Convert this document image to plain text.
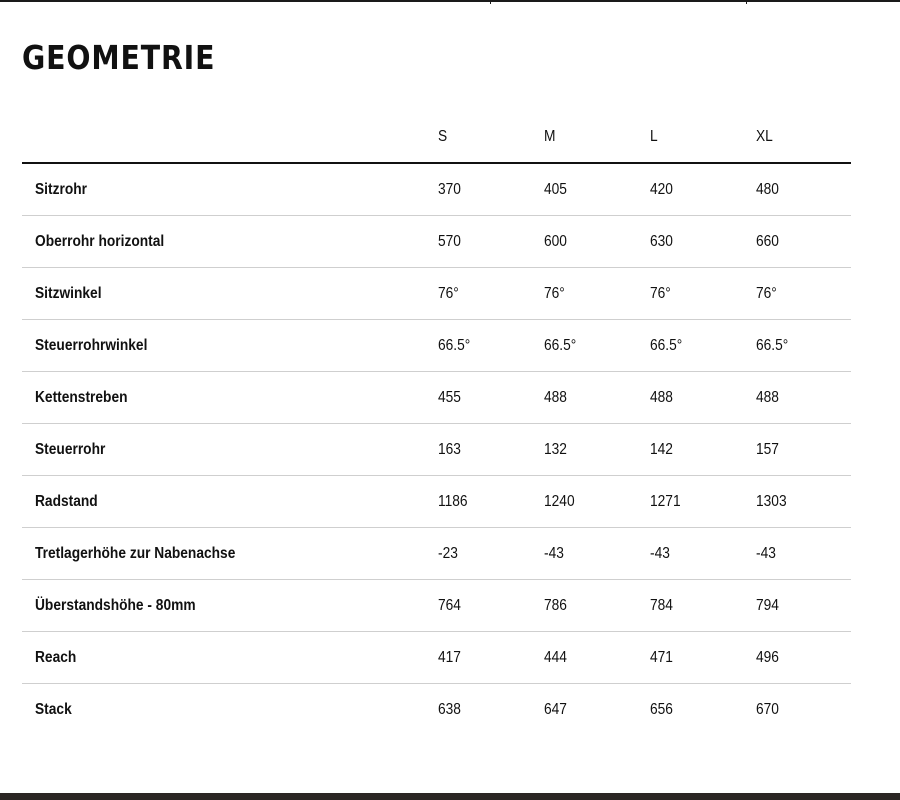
GEOMETRIE
	S	M	L	XL
Sitzrohr	370	405	420	480
Oberrohr horizontal	570	600	630	660
Sitzwinkel	76°	76°	76°	76°
Steuerrohrwinkel	66.5°	66.5°	66.5°	66.5°
Kettenstreben	455	488	488	488
Steuerrohr	163	132	142	157
Radstand	1186	1240	1271	1303
Tretlagerhöhe zur Nabenachse	-23	-43	-43	-43
Überstandshöhe - 80mm	764	786	784	794
Reach	417	444	471	496
Stack	638	647	656	670
